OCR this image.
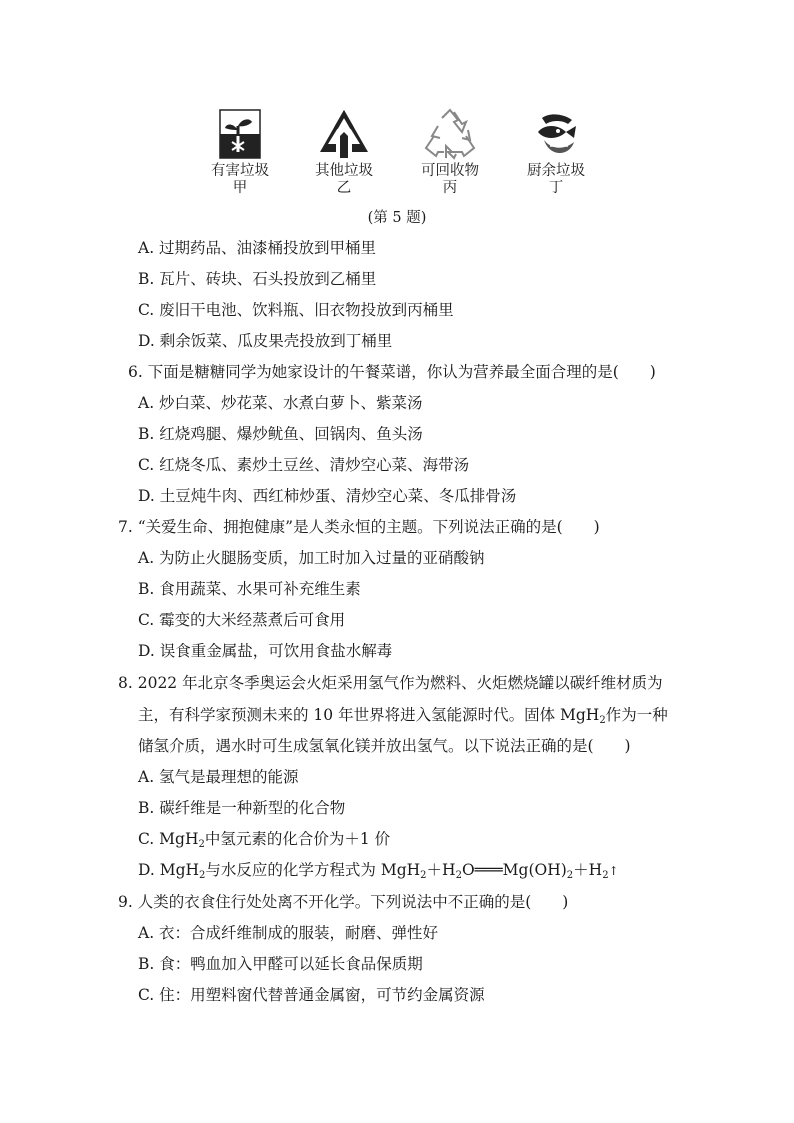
有害垃圾
甲
其他垃圾
乙
可回收物
丙
厨余垃圾
丁
(第 5 题)
A. 过期药品、油漆桶投放到甲桶里
B. 瓦片、砖块、石头投放到乙桶里
C. 废旧干电池、饮料瓶、旧衣物投放到丙桶里
D. 剩余饭菜、瓜皮果壳投放到丁桶里
6. 下面是糖糖同学为她家设计的午餐菜谱，你认为营养最全面合理的是(　　)
A. 炒白菜、炒花菜、水煮白萝卜、紫菜汤
B. 红烧鸡腿、爆炒鱿鱼、回锅肉、鱼头汤
C. 红烧冬瓜、素炒土豆丝、清炒空心菜、海带汤
D. 土豆炖牛肉、西红柿炒蛋、清炒空心菜、冬瓜排骨汤
7. “关爱生命、拥抱健康”是人类永恒的主题。下列说法正确的是(　　)
A. 为防止火腿肠变质，加工时加入过量的亚硝酸钠
B. 食用蔬菜、水果可补充维生素
C. 霉变的大米经蒸煮后可食用
D. 误食重金属盐，可饮用食盐水解毒
8. 2022 年北京冬季奥运会火炬采用氢气作为燃料、火炬燃烧罐以碳纤维材质为
主，有科学家预测未来的 10 年世界将进入氢能源时代。固体 MgH$_2$作为一种
储氢介质，遇水时可生成氢氧化镁并放出氢气。以下说法正确的是(　　)
A. 氢气是最理想的能源
B. 碳纤维是一种新型的化合物
C. MgH$_2$中氢元素的化合价为＋1 价
D. MgH$_2$与水反应的化学方程式为 $MgH_2+H_2O═══Mg(OH)_2+H_2↑$
9. 人类的衣食住行处处离不开化学。下列说法中不正确的是(　　)
A. 衣：合成纤维制成的服装，耐磨、弹性好
B. 食：鸭血加入甲醛可以延长食品保质期
C. 住：用塑料窗代替普通金属窗，可节约金属资源
